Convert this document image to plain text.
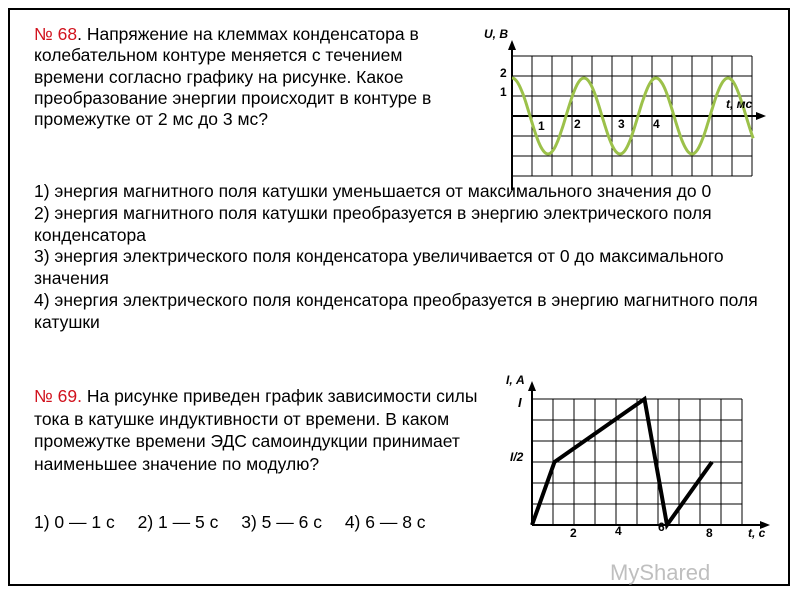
№ 68. Напряжение на клеммах конденсатора в колебательном контуре меняется с течением времени согласно графику на рисунке. Какое преобразование энергии происходит в контуре в промежутке от 2 мс до 3 мс?
U, В
t, мс
2
1
1 2	3 4
1) энергия магнитного поля катушки уменьшается от максимального значения до 0
2) энергия магнитного поля катушки преобразуется в энергию электрического поля конденсатора
3) энергия электрического поля конденсатора увеличивается от 0 до максимального значения
4) энергия электрического поля конденсатора преобразуется в энергию магнитного поля катушки
№ 69. На рисунке приведен график зависимости силы тока в катушке индуктивности от времени. В каком промежутке времени ЭДС самоиндукции принимает наименьшее значение по модулю?
I, А
t, с
I
I/2
2	4	6	8
1) 0 — 1 с 2) 1 — 5 с 3) 5 — 6 с 4) 6 — 8 с
MyShared
